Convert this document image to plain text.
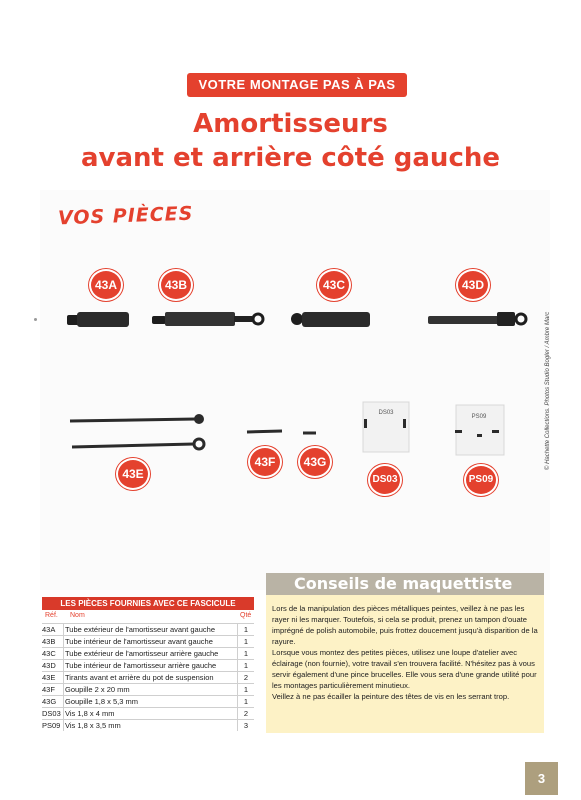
VOTRE MONTAGE PAS À PAS
Amortisseurs
avant et arrière côté gauche
VOS PIÈCES
DS03
PS09
43A	43B	43C	43D
43E
43F	43G
DS03	PS09
© Hachette Collections. Photos Studio Bogler / Ambre Marc
LES PIÈCES FOURNIES AVEC CE FASCICULE
Réf. Nom	Qté
43A	Tube extérieur de l'amortisseur avant gauche	1
43B	Tube intérieur de l'amortisseur avant gauche	1
43C	Tube extérieur de l'amortisseur arrière gauche	1
43D	Tube intérieur de l'amortisseur arrière gauche	1
43E	Tirants avant et arrière du pot de suspension	2
43F	Goupille 2 x 20 mm	1
43G	Goupille 1,8 x 5,3 mm	1
DS03 Vis 1,8 x 4 mm	2
PS09 Vis 1,8 x 3,5 mm	3
Conseils de maquettiste

Lors de la manipulation des pièces métalliques peintes, veillez à ne pas les rayer ni les marquer. Toutefois, si cela se produit, prenez un tampon d'ouate imprégné de polish automobile, puis frottez doucement jusqu'à disparition de la rayure.

Lorsque vous montez des petites pièces, utilisez une loupe d'atelier avec éclairage (non fournie), votre travail s'en trouvera facilité. N'hésitez pas à vous servir également d'une pince brucelles. Elle vous sera d'une grande utilité pour les montages particulièrement minutieux.

Veillez à ne pas écailler la peinture des têtes de vis en les serrant trop.

3
